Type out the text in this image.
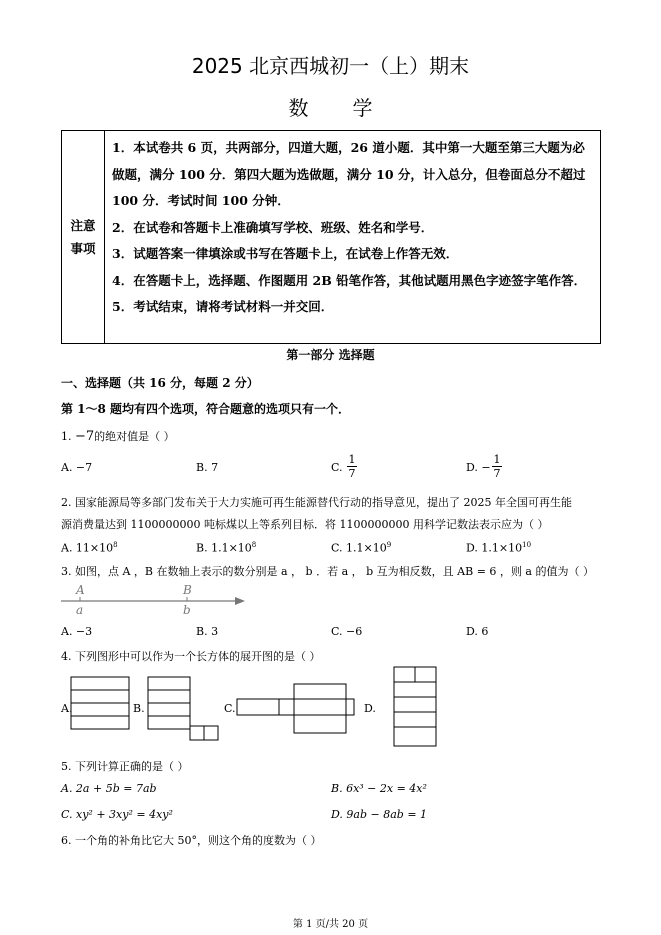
2025 北京西城初一（上）期末
数学
注意
事项

1．本试卷共 6 页，共两部分，四道大题，26 道小题．其中第一大题至第三大题为必做题，满分 100 分．第四大题为选做题，满分 10 分，计入总分，但卷面总分不超过 100 分．考试时间 100 分钟．

2．在试卷和答题卡上准确填写学校、班级、姓名和学号．

3．试题答案一律填涂或书写在答题卡上，在试卷上作答无效．

4．在答题卡上，选择题、作图题用 2B 铅笔作答，其他试题用黑色字迹签字笔作答．

5．考试结束，请将考试材料一并交回．

第一部分 选择题
一、选择题（共 16 分，每题 2 分）
第 1～8 题均有四个选项，符合题意的选项只有一个．
1. −7的绝对值是（ ）
A. −7	B. 7	C.
1
7	D. −
1
7
2. 国家能源局等多部门发布关于大力实施可再生能源替代行动的指导意见，提出了 2025 年全国可再生能
源消费量达到 1100000000 吨标煤以上等系列目标．将 1100000000 用科学记数法表示应为（ ）
A. $11\times 10^8$	B. $1.1\times 10^8$	C. $1.1\times 10^9$	D. $1.1\times 10^{10}$
3. 如图，点 A ，B 在数轴上表示的数分别是 a ， b ．若 a ， b 互为相反数，且 AB = 6 ，则 a 的值为（ ）
A
a
B
b
A. −3	B. 3	C. −6	D. 6
4. 下列图形中可以作为一个长方体的展开图的是（ ）
A.	B.	C.	D.
5. 下列计算正确的是（ ）
A. 2a + 5b = 7ab	B. 6x³ − 2x = 4x²
C. xy² + 3xy² = 4xy²	D. 9ab − 8ab = 1
6. 一个角的补角比它大 50°，则这个角的度数为（ ）
第 1 页/共 20 页
